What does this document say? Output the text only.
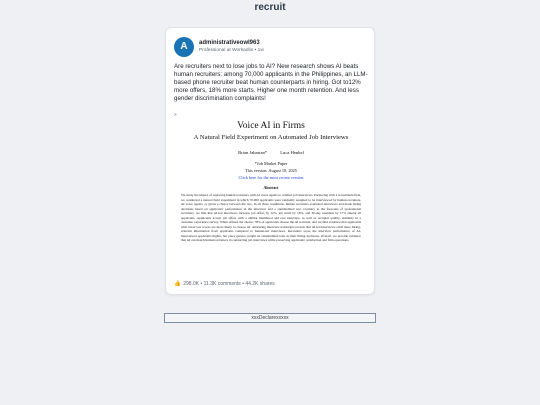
recruit
A	administrativeowl963
Professional at Workadlin • 1w
Are recruiters next to lose jobs to AI? New research shows AI beats human recruiters: among 70,000 applicants in the Philippines, an LLM-based phone recruiter beat human counterparts in hiring. Got to12% more offers, 18% more starts. Higher one month retention. And less gender discrimination complaints!
>
Voice AI in Firms
A Natural Field Experiment on Automated Job Interviews
Brian Jabarian*	Luca Henkel
*Job Market Paper
This version: August 18, 2025
Click here for the most recent version
Abstract
We study the impact of replacing human recruiters with AI voice agents to conduct job interviews. Partnering with a recruitment firm, we conducted a natural field experiment in which 70,000 applicants were randomly assigned to be interviewed by human recruiters, AI voice agents, or given a choice between the two. In all three conditions, human recruiters evaluated interviews and made hiring decisions based on applicants' performance in the interview and a standardized test. Contrary to the forecasts of professional recruiters, we find that AI-led interviews increase job offers by 12%, job starts by 18%, and 30-day retention by 17% among all applicants. Applicants accept job offers with a similar likelihood and rate interview, as well as recruiter quality, similarly in a customer experience survey. When offered the choice, 78% of applicants choose the AI recruiter, and we find evidence that applicants with lower test scores are more likely to choose AI. Analyzing interview transcripts reveals that AI-led interviews elicit more hiring-relevant information from applicants compared to human-led interviews. Recruiters score the interview performance of AI-interviewed applicants higher, but place greater weight on standardized tests in their hiring decisions. Overall, we provide evidence that AI can match human recruiters in conducting job interviews while preserving applicants' satisfaction and firm operations.
👍 298.0K • 11.3K comments • 44.2K shares
xxxDeclarexxxxx
